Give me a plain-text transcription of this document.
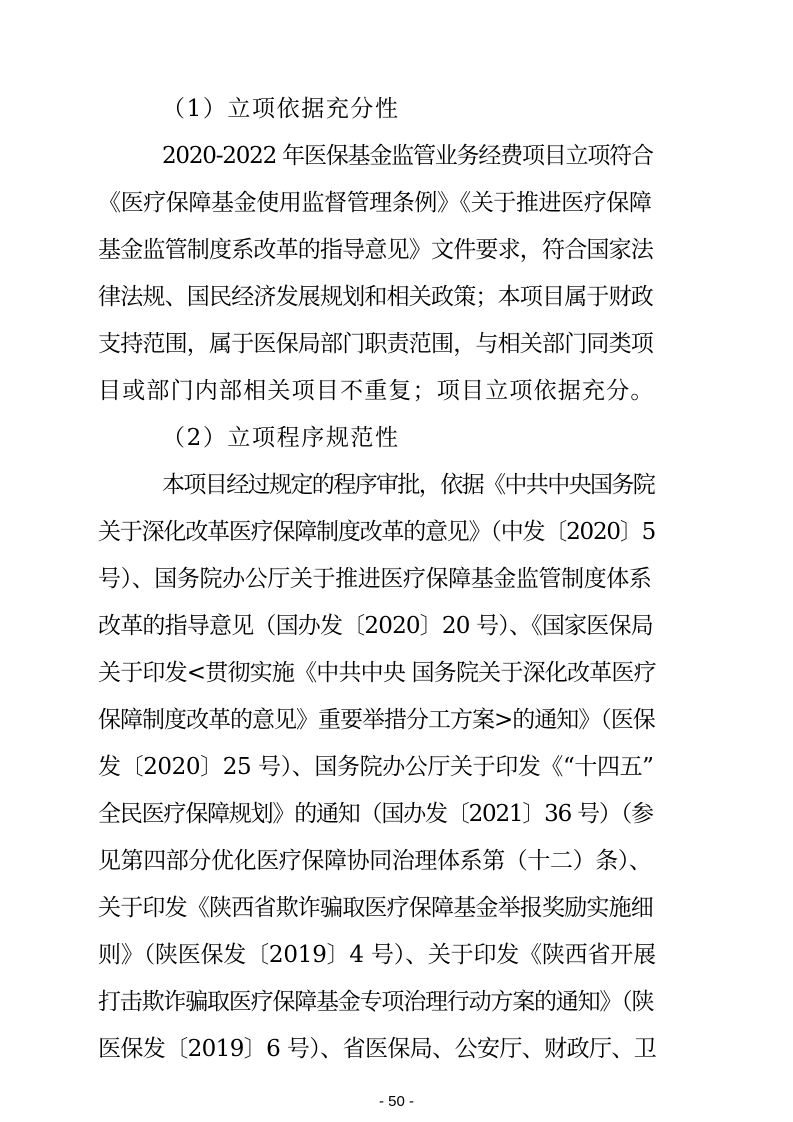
（1）立项依据充分性
2020-2022 年医保基金监管业务经费项目立项符合
《医疗保障基金使用监督管理条例》《关于推进医疗保障
基金监管制度系改革的指导意见》文件要求，符合国家法
律法规、国民经济发展规划和相关政策；本项目属于财政
支持范围，属于医保局部门职责范围，与相关部门同类项
目或部门内部相关项目不重复；项目立项依据充分。
（2）立项程序规范性
本项目经过规定的程序审批，依据《中共中央国务院
关于深化改革医疗保障制度改革的意见》（中发〔2020〕5
号）、国务院办公厅关于推进医疗保障基金监管制度体系
改革的指导意见（国办发〔2020〕20 号）、《国家医保局
关于印发<贯彻实施《中共中央 国务院关于深化改革医疗
保障制度改革的意见》重要举措分工方案>的通知》（医保
发〔2020〕25 号）、国务院办公厅关于印发《“十四五”
全民医疗保障规划》的通知（国办发〔2021〕36 号）（参
见第四部分优化医疗保障协同治理体系第（十二）条）、
关于印发《陕西省欺诈骗取医疗保障基金举报奖励实施细
则》（陕医保发〔2019〕4 号）、关于印发《陕西省开展
打击欺诈骗取医疗保障基金专项治理行动方案的通知》（陕
医保发〔2019〕6 号）、省医保局、公安厅、财政厅、卫
- 50 -
